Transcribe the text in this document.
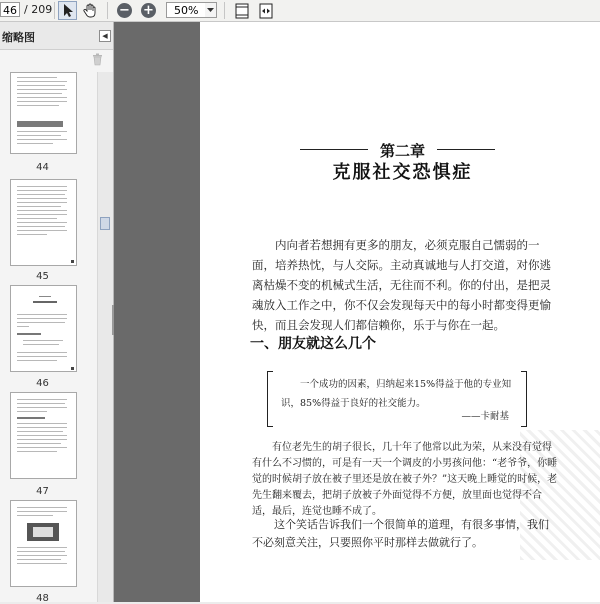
46 / 209	− +	50%
缩略图	◀
44
45
46
47
48
第二章
克服社交恐惧症
内向者若想拥有更多的朋友，必须克服自己懦弱的一面，培养热忱，与人交际。主动真诚地与人打交道，对你逃离枯燥不变的机械式生活，无往而不利。你的付出，是把灵魂放入工作之中，你不仅会发现每天中的每小时都变得更愉快，而且会发现人们都信赖你，乐于与你在一起。
一、朋友就这么几个
一个成功的因素，归纳起来15%得益于他的专业知识，85%得益于良好的社交能力。
——卡耐基
有位老先生的胡子很长，几十年了他常以此为荣，从来没有觉得有什么不习惯的，可是有一天一个调皮的小男孩问他：“老爷爷，你睡觉的时候胡子放在被子里还是放在被子外？”这天晚上睡觉的时候，老先生翻来覆去，把胡子放被子外面觉得不方便，放里面也觉得不合适，最后，连觉也睡不成了。
这个笑话告诉我们一个很简单的道理，有很多事情，我们不必刻意关注，只要照你平时那样去做就行了。
